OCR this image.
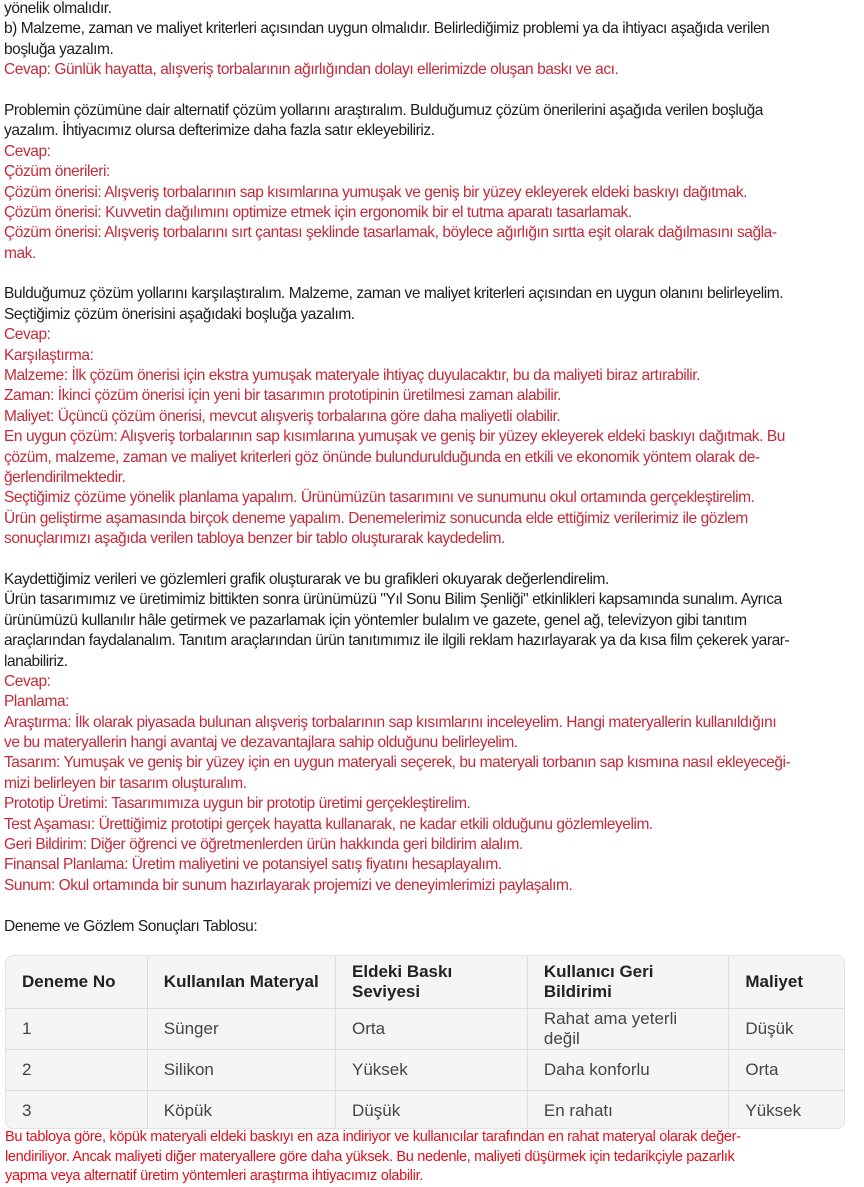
yönelik olmalıdır.
b) Malzeme, zaman ve maliyet kriterleri açısından uygun olmalıdır. Belirlediğimiz problemi ya da ihtiyacı aşağıda verilen
boşluğa yazalım.
Cevap: Günlük hayatta, alışveriş torbalarının ağırlığından dolayı ellerimizde oluşan baskı ve acı.
Problemin çözümüne dair alternatif çözüm yollarını araştıralım. Bulduğumuz çözüm önerilerini aşağıda verilen boşluğa
yazalım. İhtiyacımız olursa defterimize daha fazla satır ekleyebiliriz.
Cevap:
Çözüm önerileri:
Çözüm önerisi: Alışveriş torbalarının sap kısımlarına yumuşak ve geniş bir yüzey ekleyerek eldeki baskıyı dağıtmak.
Çözüm önerisi: Kuvvetin dağılımını optimize etmek için ergonomik bir el tutma aparatı tasarlamak.
Çözüm önerisi: Alışveriş torbalarını sırt çantası şeklinde tasarlamak, böylece ağırlığın sırtta eşit olarak dağılmasını sağla-
mak.
Bulduğumuz çözüm yollarını karşılaştıralım. Malzeme, zaman ve maliyet kriterleri açısından en uygun olanını belirleyelim.
Seçtiğimiz çözüm önerisini aşağıdaki boşluğa yazalım.
Cevap:
Karşılaştırma:
Malzeme: İlk çözüm önerisi için ekstra yumuşak materyale ihtiyaç duyulacaktır, bu da maliyeti biraz artırabilir.
Zaman: İkinci çözüm önerisi için yeni bir tasarımın prototipinin üretilmesi zaman alabilir.
Maliyet: Üçüncü çözüm önerisi, mevcut alışveriş torbalarına göre daha maliyetli olabilir.
En uygun çözüm: Alışveriş torbalarının sap kısımlarına yumuşak ve geniş bir yüzey ekleyerek eldeki baskıyı dağıtmak. Bu
çözüm, malzeme, zaman ve maliyet kriterleri göz önünde bulundurulduğunda en etkili ve ekonomik yöntem olarak de-
ğerlendirilmektedir.
Seçtiğimiz çözüme yönelik planlama yapalım. Ürünümüzün tasarımını ve sunumunu okul ortamında gerçekleştirelim.
Ürün geliştirme aşamasında birçok deneme yapalım. Denemelerimiz sonucunda elde ettiğimiz verilerimiz ile gözlem
sonuçlarımızı aşağıda verilen tabloya benzer bir tablo oluşturarak kaydedelim.
Kaydettiğimiz verileri ve gözlemleri grafik oluşturarak ve bu grafikleri okuyarak değerlendirelim.
Ürün tasarımımız ve üretimimiz bittikten sonra ürünümüzü "Yıl Sonu Bilim Şenliği" etkinlikleri kapsamında sunalım. Ayrıca
ürünümüzü kullanılır hâle getirmek ve pazarlamak için yöntemler bulalım ve gazete, genel ağ, televizyon gibi tanıtım
araçlarından faydalanalım. Tanıtım araçlarından ürün tanıtımımız ile ilgili reklam hazırlayarak ya da kısa film çekerek yarar-
lanabiliriz.
Cevap:
Planlama:
Araştırma: İlk olarak piyasada bulunan alışveriş torbalarının sap kısımlarını inceleyelim. Hangi materyallerin kullanıldığını
ve bu materyallerin hangi avantaj ve dezavantajlara sahip olduğunu belirleyelim.
Tasarım: Yumuşak ve geniş bir yüzey için en uygun materyali seçerek, bu materyali torbanın sap kısmına nasıl ekleyeceği-
mizi belirleyen bir tasarım oluşturalım.
Prototip Üretimi: Tasarımımıza uygun bir prototip üretimi gerçekleştirelim.
Test Aşaması: Ürettiğimiz prototipi gerçek hayatta kullanarak, ne kadar etkili olduğunu gözlemleyelim.
Geri Bildirim: Diğer öğrenci ve öğretmenlerden ürün hakkında geri bildirim alalım.
Finansal Planlama: Üretim maliyetini ve potansiyel satış fiyatını hesaplayalım.
Sunum: Okul ortamında bir sunum hazırlayarak projemizi ve deneyimlerimizi paylaşalım.
Deneme ve Gözlem Sonuçları Tablosu:
Deneme No	Kullanılan Materyal	Eldeki Baskı Seviyesi	Kullanıcı Geri Bildirimi	Maliyet
1	Sünger	Orta	Rahat ama yeterli değil	Düşük
2	Silikon	Yüksek	Daha konforlu	Orta
3	Köpük	Düşük	En rahatı	Yüksek
Bu tabloya göre, köpük materyali eldeki baskıyı en aza indiriyor ve kullanıcılar tarafından en rahat materyal olarak değer-
lendiriliyor. Ancak maliyeti diğer materyallere göre daha yüksek. Bu nedenle, maliyeti düşürmek için tedarikçiyle pazarlık
yapma veya alternatif üretim yöntemleri araştırma ihtiyacımız olabilir.
